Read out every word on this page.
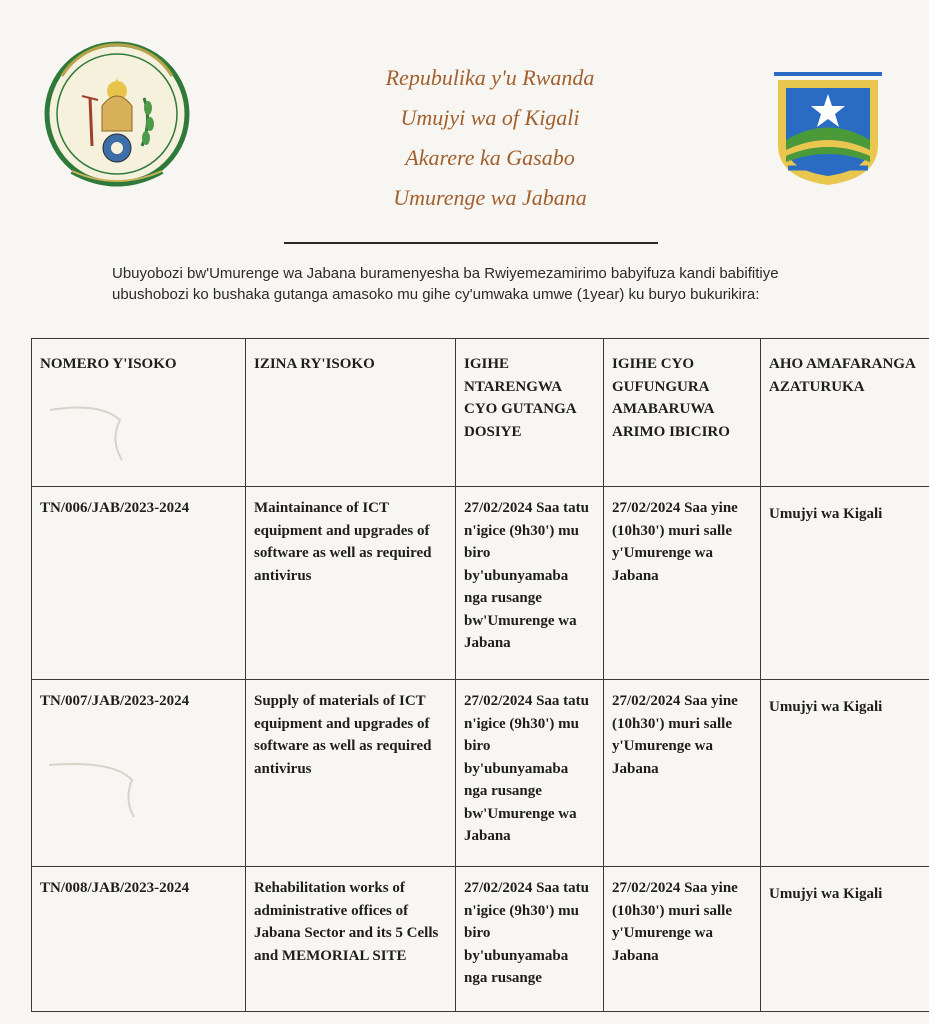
Repubulika y'u Rwanda
Umujyi wa of Kigali
Akarere ka Gasabo
Umurenge wa Jabana
Ubuyobozi bw'Umurenge wa Jabana buramenyesha ba Rwiyemezamirimo babyifuza kandi babifitiye ubushobozi ko bushaka gutanga amasoko mu gihe cy'umwaka umwe (1year) ku buryo bukurikira:
NOMERO Y'ISOKO	IZINA RY'ISOKO	IGIHE NTARENGWA CYO GUTANGA DOSIYE	IGIHE CYO GUFUNGURA AMABARUWA ARIMO IBICIRO	AHO AMAFARANGA AZATURUKA
TN/006/JAB/2023-2024	Maintainance of ICT equipment and upgrades of software as well as required antivirus	27/02/2024 Saa tatu n'igice (9h30') mu biro by'ubunyamaba nga rusange bw'Umurenge wa Jabana	27/02/2024 Saa yine (10h30') muri salle y'Umurenge wa Jabana	Umujyi wa Kigali

TN/007/JAB/2023-2024	Supply of materials of ICT equipment and upgrades of software as well as required antivirus	27/02/2024 Saa tatu n'igice (9h30') mu biro by'ubunyamaba nga rusange bw'Umurenge wa Jabana	27/02/2024 Saa yine (10h30') muri salle y'Umurenge wa Jabana	Umujyi wa Kigali

TN/008/JAB/2023-2024	Rehabilitation works of administrative offices of Jabana Sector and its 5 Cells and MEMORIAL SITE	27/02/2024 Saa tatu n'igice (9h30') mu biro by'ubunyamaba nga rusange	27/02/2024 Saa yine (10h30') muri salle y'Umurenge wa Jabana	Umujyi wa Kigali
